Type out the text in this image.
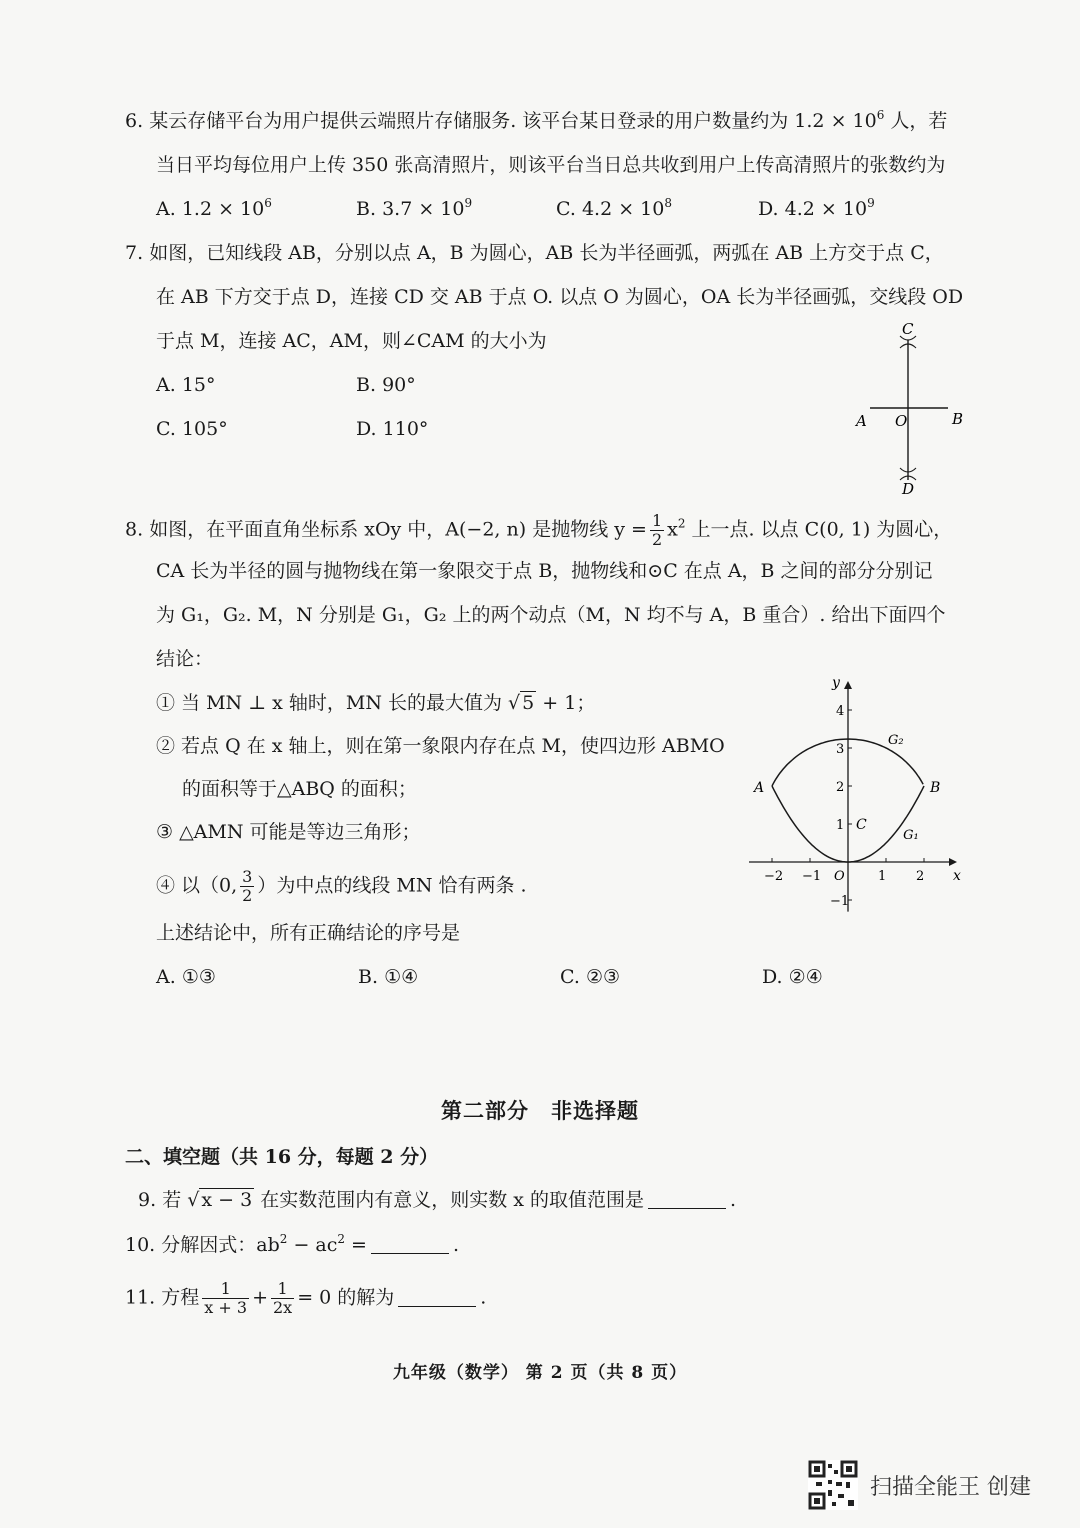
6. 某云存储平台为用户提供云端照片存储服务. 该平台某日登录的用户数量约为 $1.2 \times 10^6$ 人，若
当日平均每位用户上传 350 张高清照片，则该平台当日总共收到用户上传高清照片的张数约为
A. $1.2 \times 10^6$	B. $3.7 \times 10^9$	C. $4.2 \times 10^8$	D. $4.2 \times 10^9$
7. 如图，已知线段 AB，分别以点 A，B 为圆心，AB 长为半径画弧，两弧在 AB 上方交于点 C，
在 AB 下方交于点 D，连接 CD 交 AB 于点 O. 以点 O 为圆心，OA 长为半径画弧，交线段 OD
于点 M，连接 AC，AM，则∠CAM 的大小为
A. 15°	B. 90°
C. 105°	D. 110°
C
A O	B
D
8. 如图，在平面直角坐标系 xOy 中，A(−2, n) 是抛物线 $y = \frac{1}{2} x^2$ 上一点. 以点 C(0, 1) 为圆心，
CA 长为半径的圆与抛物线在第一象限交于点 B，抛物线和⊙C 在点 A，B 之间的部分分别记
为 G₁，G₂. M，N 分别是 G₁，G₂ 上的两个动点（M，N 均不与 A，B 重合）. 给出下面四个
结论：
① 当 MN ⊥ x 轴时，MN 长的最大值为 √ 5 + 1；
② 若点 Q 在 x 轴上，则在第一象限内存在点 M，使四边形 ABMO
的面积等于△ABQ 的面积；
③ △AMN 可能是等边三角形；
④ 以（0, $\frac{3}{2}$ ）为中点的线段 MN 恰有两条 .
上述结论中，所有正确结论的序号是
A. ①③	B. ①④	C. ②③	D. ②④
x
y
−2 −1 O	1 2
4
3
2
1
−1
A	B
C
G₂
G₁
第二部分　非选择题
二、填空题（共 16 分，每题 2 分）
9. 若 √ x − 3 在实数范围内有意义，则实数 x 的取值范围是	.
10. 分解因式：$ab^2 - ac^2$ =	.
11. 方程 $\frac{1}{x + 3} + \frac{1}{2x} = 0$ 的解为	.
九年级（数学） 第 2 页（共 8 页）
扫描全能王 创建
